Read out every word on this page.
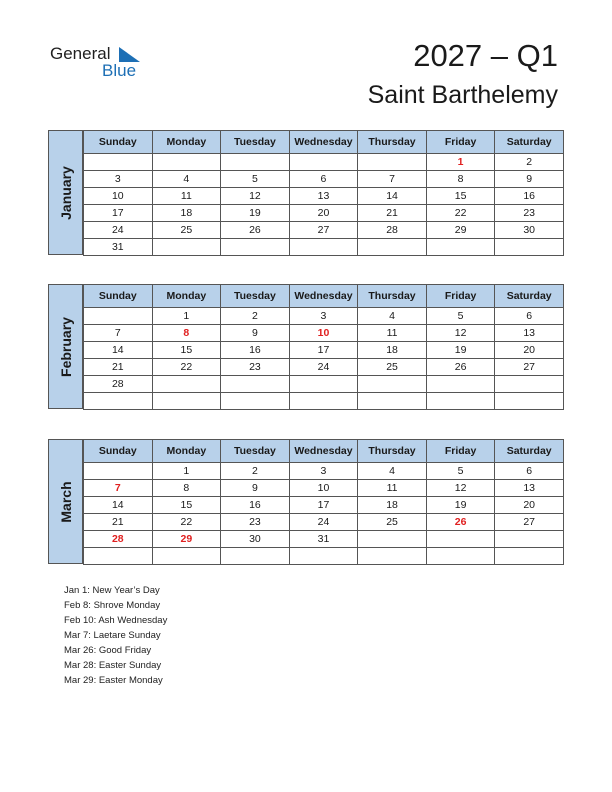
General
Blue	2027 – Q1
Saint Barthelemy
January
Sunday	Monday	Tuesday	Wednesday	Thursday	Friday	Saturday
					1	2
3	4	5	6	7	8	9
10	11	12	13	14	15	16
17	18	19	20	21	22	23
24	25	26	27	28	29	30
31						
February
Sunday	Monday	Tuesday	Wednesday	Thursday	Friday	Saturday
	1	2	3	4	5	6
7	8	9	10	11	12	13
14	15	16	17	18	19	20
21	22	23	24	25	26	27
28						

March
Sunday	Monday	Tuesday	Wednesday	Thursday	Friday	Saturday
	1	2	3	4	5	6
7	8	9	10	11	12	13
14	15	16	17	18	19	20
21	22	23	24	25	26	27
28	29	30	31			

Jan 1: New Year’s Day
Feb 8: Shrove Monday
Feb 10: Ash Wednesday
Mar 7: Laetare Sunday
Mar 26: Good Friday
Mar 28: Easter Sunday
Mar 29: Easter Monday
